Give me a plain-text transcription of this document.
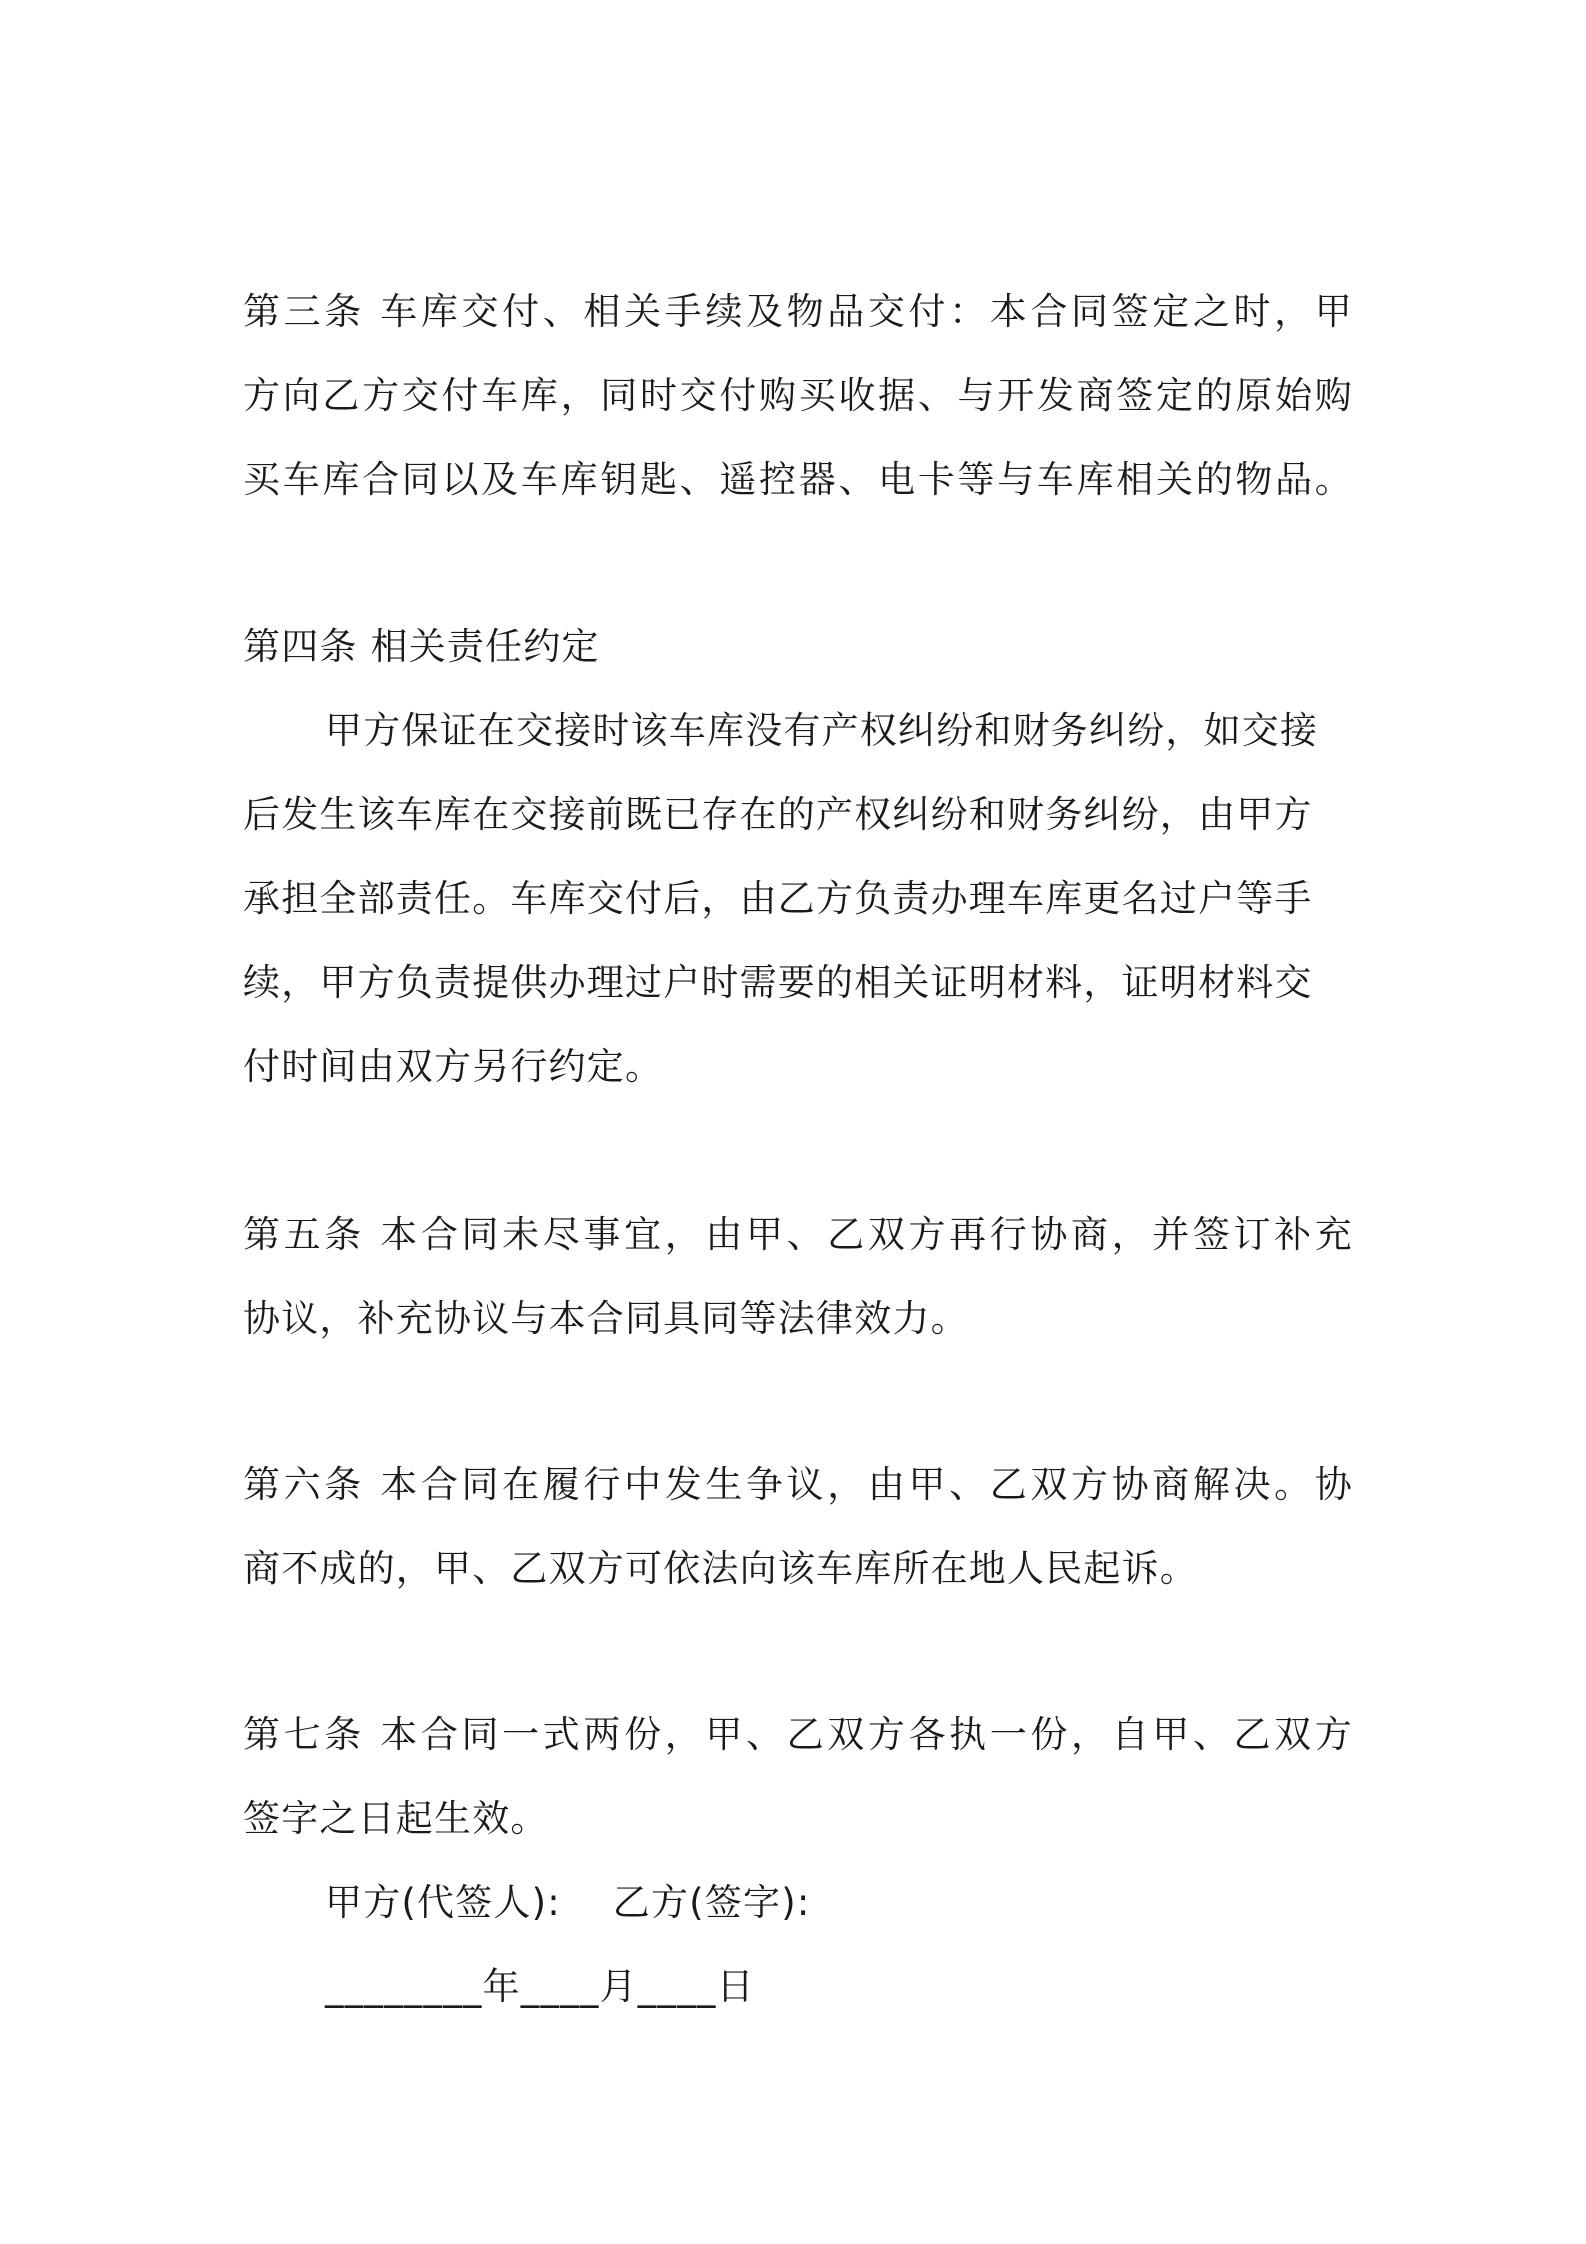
第三条 车库交付、相关手续及物品交付：本合同签定之时，甲
方向乙方交付车库，同时交付购买收据、与开发商签定的原始购
买车库合同以及车库钥匙、遥控器、电卡等与车库相关的物品。
第四条 相关责任约定
甲方保证在交接时该车库没有产权纠纷和财务纠纷，如交接
后发生该车库在交接前既已存在的产权纠纷和财务纠纷，由甲方
承担全部责任。车库交付后，由乙方负责办理车库更名过户等手
续，甲方负责提供办理过户时需要的相关证明材料，证明材料交
付时间由双方另行约定。
第五条 本合同未尽事宜，由甲、乙双方再行协商，并签订补充
协议，补充协议与本合同具同等法律效力。
第六条 本合同在履行中发生争议，由甲、乙双方协商解决。协
商不成的，甲、乙双方可依法向该车库所在地人民起诉。
第七条 本合同一式两份，甲、乙双方各执一份，自甲、乙双方
签字之日起生效。
甲方(代签人):    乙方(签字):
________年____月____日
